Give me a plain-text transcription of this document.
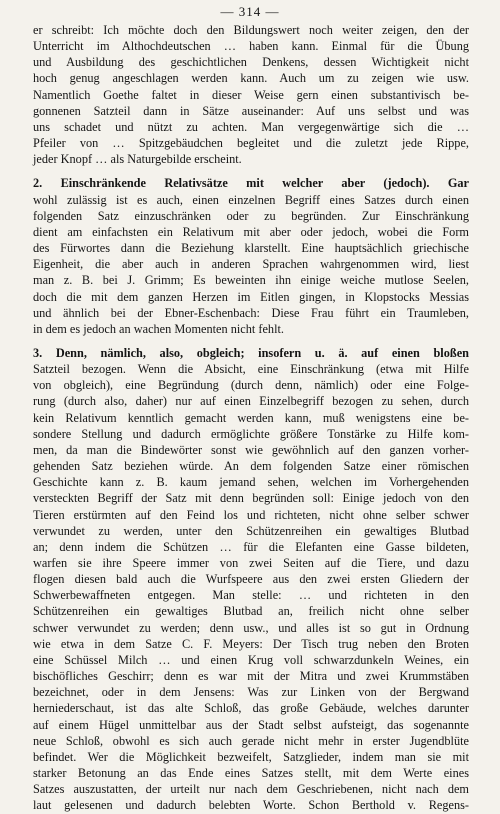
— 314 —
er schreibt: Ich möchte doch den Bildungswert noch weiter zeigen, den der
Unterricht im Althochdeutschen … haben kann. Einmal für die Übung
und Ausbildung des geschichtlichen Denkens, dessen Wichtigkeit nicht
hoch genug angeschlagen werden kann. Auch um zu zeigen wie usw.
Namentlich Goethe faltet in dieser Weise gern einen substantivisch be-
gonnenen Satzteil dann in Sätze auseinander: Auf uns selbst und was
uns schadet und nützt zu achten. Man vergegenwärtige sich die …
Pfeiler von … Spitzgebäudchen begleitet und die zuletzt jede Rippe,
jeder Knopf … als Naturgebilde erscheint.
2. Einschränkende Relativsätze mit welcher aber (jedoch). Gar
wohl zulässig ist es auch, einen einzelnen Begriff eines Satzes durch einen
folgenden Satz einzuschränken oder zu begründen. Zur Einschränkung
dient am einfachsten ein Relativum mit aber oder jedoch, wobei die Form
des Fürwortes dann die Beziehung klarstellt. Eine hauptsächlich griechische
Eigenheit, die aber auch in anderen Sprachen wahrgenommen wird, liest
man z. B. bei J. Grimm; Es beweinten ihn einige weiche mutlose Seelen,
doch die mit dem ganzen Herzen im Eitlen gingen, in Klopstocks Messias
und ähnlich bei der Ebner-Eschenbach: Diese Frau führt ein Traumleben,
in dem es jedoch an wachen Momenten nicht fehlt.
3. Denn, nämlich, also, obgleich; insofern u. ä. auf einen bloßen
Satzteil bezogen. Wenn die Absicht, eine Einschränkung (etwa mit Hilfe
von obgleich), eine Begründung (durch denn, nämlich) oder eine Folge-
rung (durch also, daher) nur auf einen Einzelbegriff bezogen zu sehen, durch
kein Relativum kenntlich gemacht werden kann, muß wenigstens eine be-
sondere Stellung und dadurch ermöglichte größere Tonstärke zu Hilfe kom-
men, da man die Bindewörter sonst wie gewöhnlich auf den ganzen vorher-
gehenden Satz beziehen würde. An dem folgenden Satze einer römischen
Geschichte kann z. B. kaum jemand sehen, welchen im Vorhergehenden
versteckten Begriff der Satz mit denn begründen soll: Einige jedoch von den
Tieren erstürmten auf den Feind los und richteten, nicht ohne selber schwer
verwundet zu werden, unter den Schützenreihen ein gewaltiges Blutbad
an; denn indem die Schützen … für die Elefanten eine Gasse bildeten,
warfen sie ihre Speere immer von zwei Seiten auf die Tiere, und dazu
flogen diesen bald auch die Wurfspeere aus den zwei ersten Gliedern der
Schwerbewaffneten entgegen. Man stelle: … und richteten in den
Schützenreihen ein gewaltiges Blutbad an, freilich nicht ohne selber
schwer verwundet zu werden; denn usw., und alles ist so gut in Ordnung
wie etwa in dem Satze C. F. Meyers: Der Tisch trug neben den Broten
eine Schüssel Milch … und einen Krug voll schwarzdunkeln Weines, ein
bischöfliches Geschirr; denn es war mit der Mitra und zwei Krummstäben
bezeichnet, oder in dem Jensens: Was zur Linken von der Bergwand
herniederschaut, ist das alte Schloß, das große Gebäude, welches darunter
auf einem Hügel unmittelbar aus der Stadt selbst aufsteigt, das sogenannte
neue Schloß, obwohl es sich auch gerade nicht mehr in erster Jugendblüte
befindet. Wer die Möglichkeit bezweifelt, Satzglieder, indem man sie mit
starker Betonung an das Ende eines Satzes stellt, mit dem Werte eines
Satzes auszustatten, der urteilt nur nach dem Geschriebenen, nicht nach dem
laut gelesenen und dadurch belebten Worte. Schon Berthold v. Regens-
